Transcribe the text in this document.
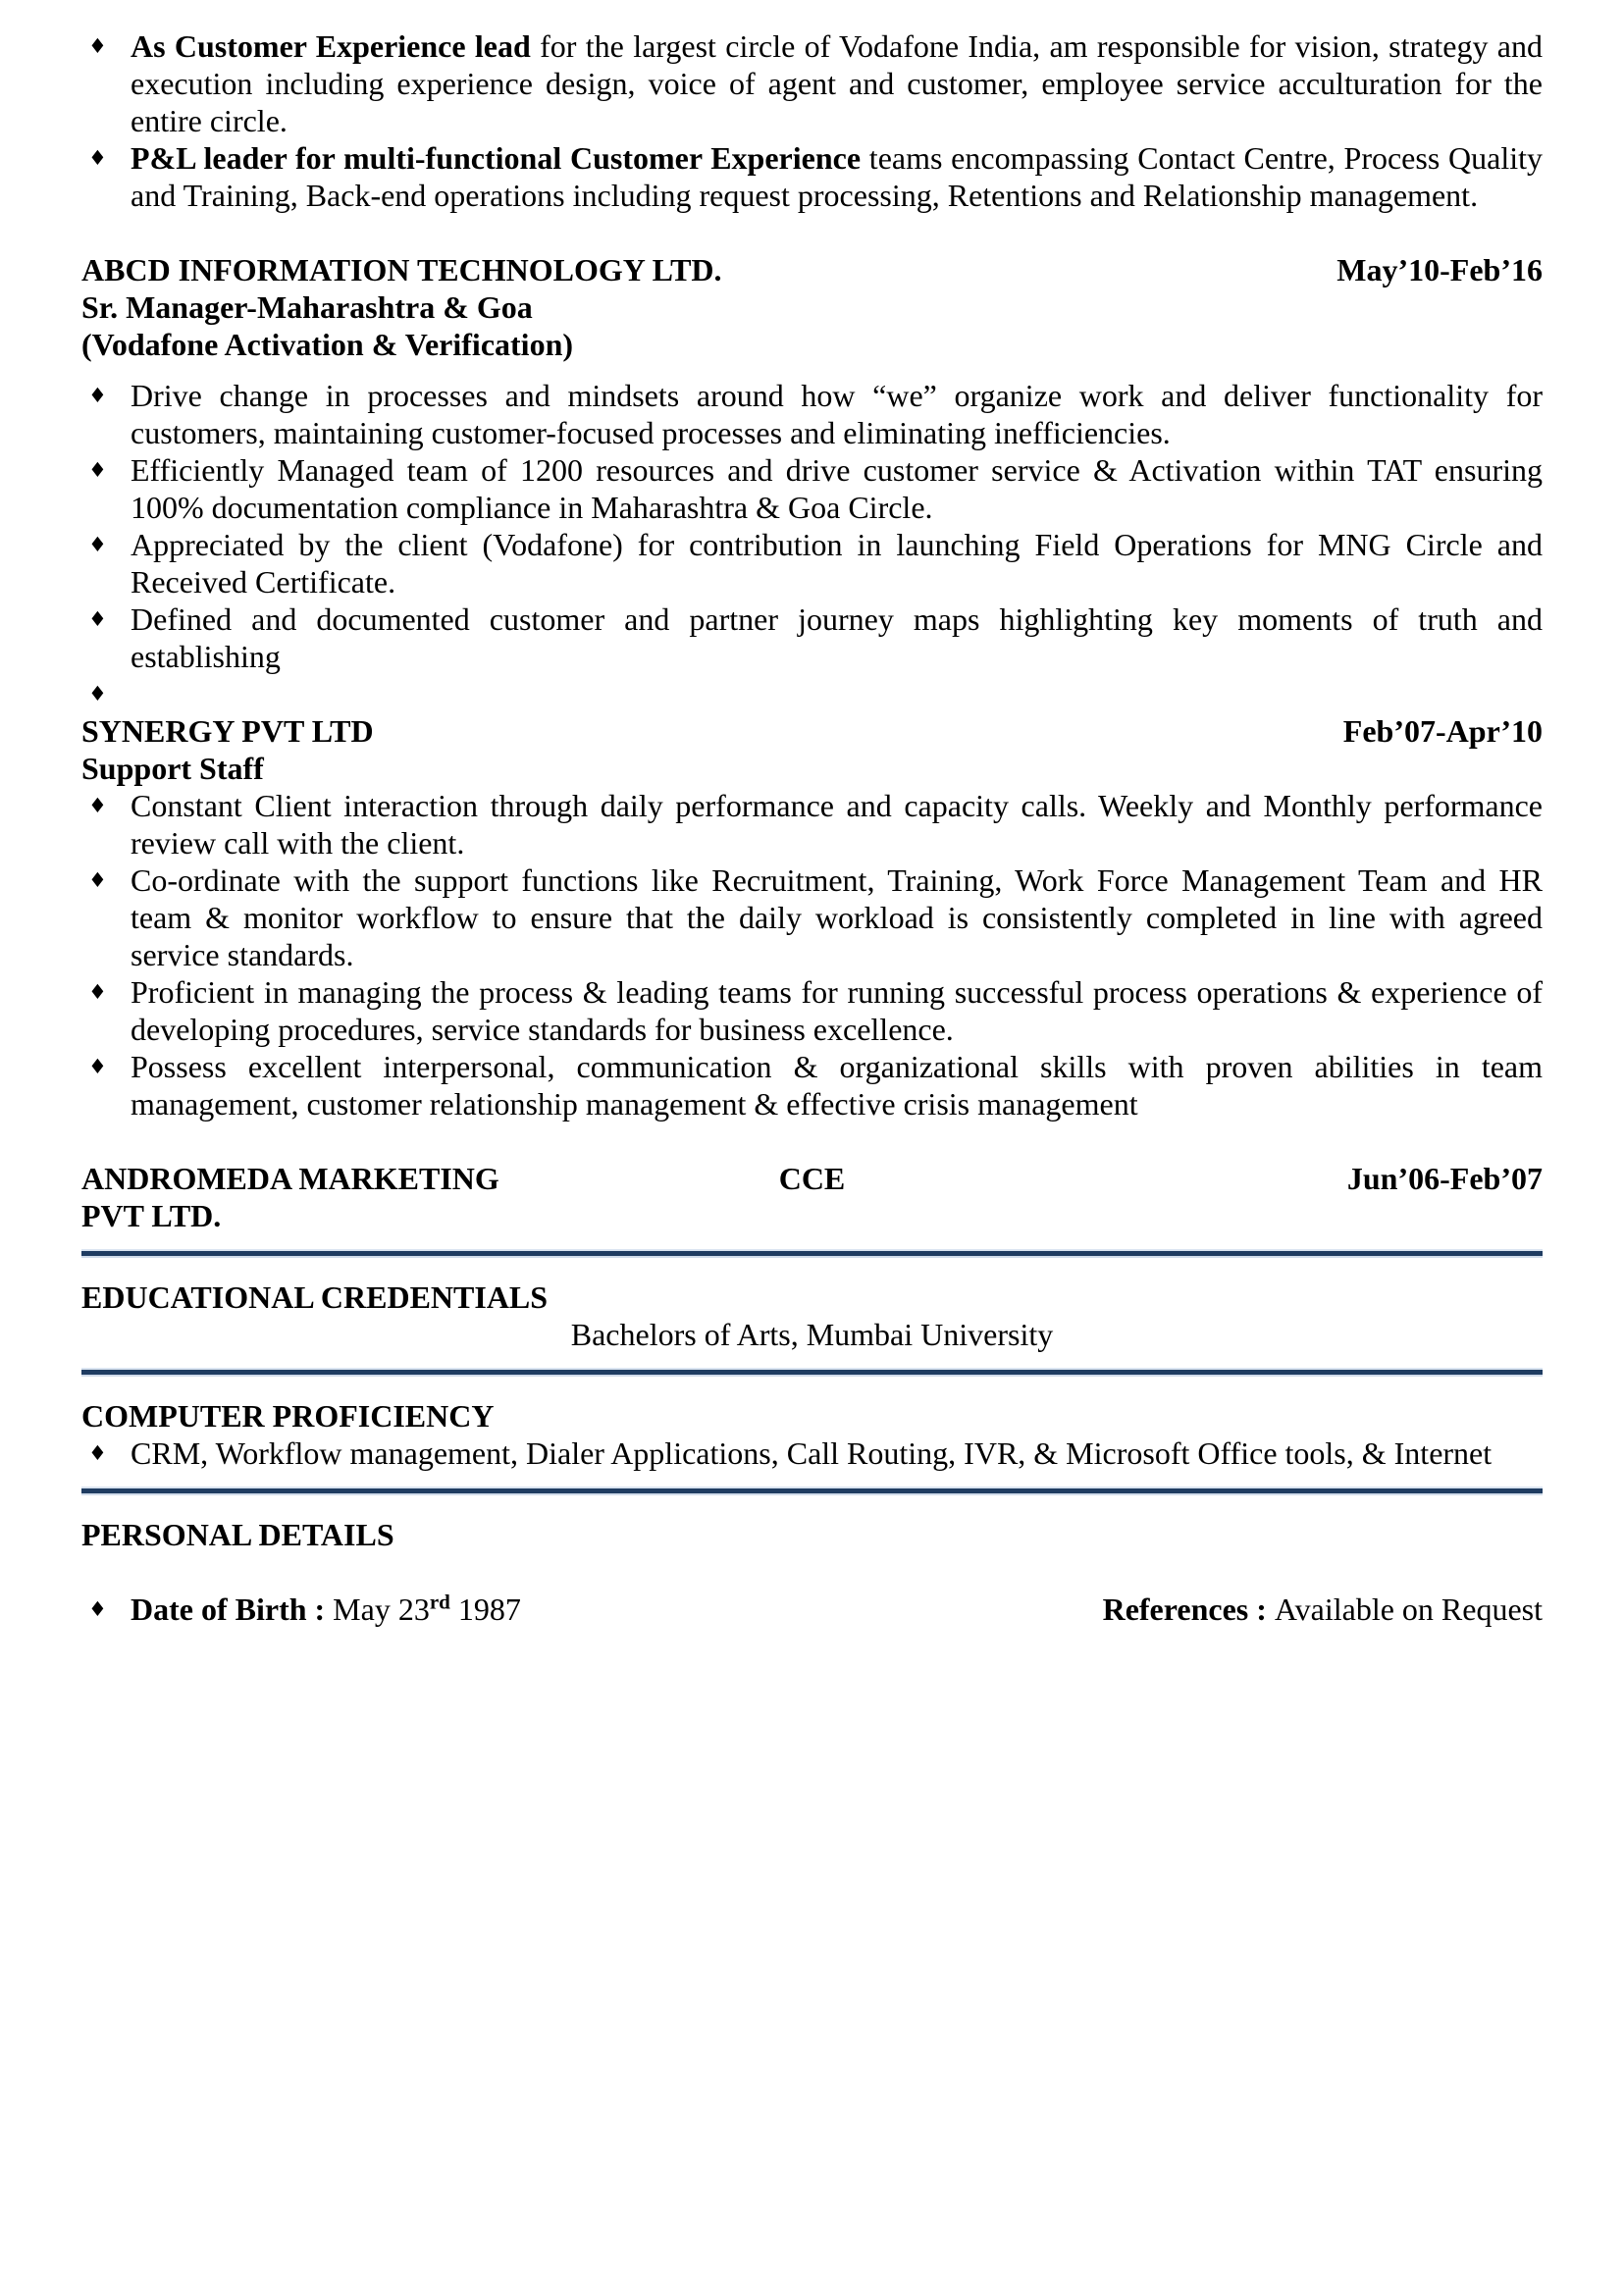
♦ As Customer Experience lead for the largest circle of Vodafone India, am responsible for vision, strategy and execution including experience design, voice of agent and customer, employee service acculturation for the entire circle.

♦ P&L leader for multi-functional Customer Experience teams encompassing Contact Centre, Process Quality and Training, Back-end operations including request processing, Retentions and Relationship management.

ABCD INFORMATION TECHNOLOGY LTD.	May’10-Feb’16
Sr. Manager-Maharashtra & Goa
(Vodafone Activation & Verification)
♦ Drive change in processes and mindsets around how “we” organize work and deliver functionality for customers, maintaining customer-focused processes and eliminating inefficiencies.

♦ Efficiently Managed team of 1200 resources and drive customer service & Activation within TAT ensuring 100% documentation compliance in Maharashtra & Goa Circle.

♦ Appreciated by the client (Vodafone) for contribution in launching Field Operations for MNG Circle and Received Certificate.

♦ Defined and documented customer and partner journey maps highlighting key moments of truth and establishing

♦

SYNERGY PVT LTD	Feb’07-Apr’10
Support Staff
♦ Constant Client interaction through daily performance and capacity calls. Weekly and Monthly performance review call with the client.

♦ Co-ordinate with the support functions like Recruitment, Training, Work Force Management Team and HR team & monitor workflow to ensure that the daily workload is consistently completed in line with agreed service standards.

♦ Proficient in managing the process & leading teams for running successful process operations & experience of developing procedures, service standards for business excellence.

♦ Possess excellent interpersonal, communication & organizational skills with proven abilities in team management, customer relationship management & effective crisis management

ANDROMEDA MARKETING PVT LTD.
CCE	Jun’06-Feb’07
EDUCATIONAL CREDENTIALS
Bachelors of Arts, Mumbai University
COMPUTER PROFICIENCY
♦ CRM, Workflow management, Dialer Applications, Call Routing, IVR, & Microsoft Office tools, & Internet

PERSONAL DETAILS
♦ Date of Birth : May 23rd 1987	References : Available on Request
